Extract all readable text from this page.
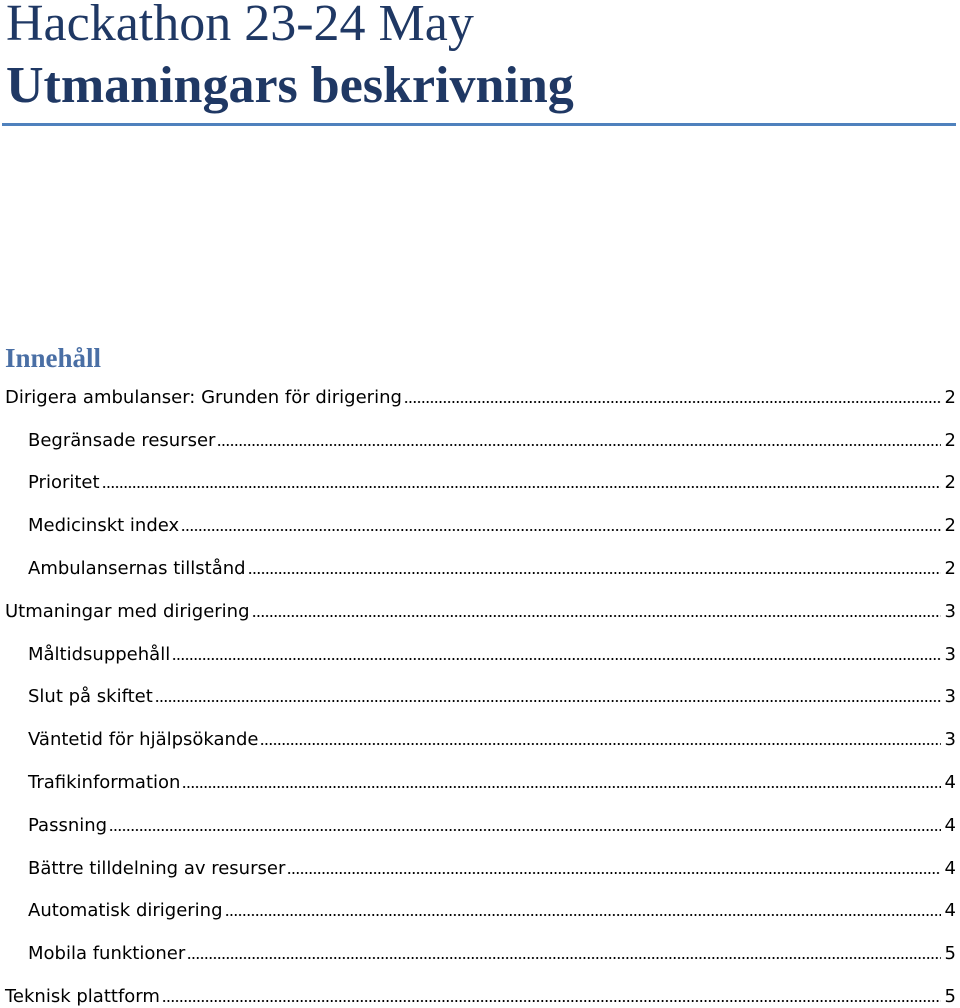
Hackathon 23-24 May
Utmaningars beskrivning
Innehåll
Dirigera ambulanser: Grunden för dirigering	2
Begränsade resurser	2
Prioritet	2
Medicinskt index	2
Ambulansernas tillstånd	2
Utmaningar med dirigering	3
Måltidsuppehåll	3
Slut på skiftet	3
Väntetid för hjälpsökande	3
Trafikinformation	4
Passning	4
Bättre tilldelning av resurser	4
Automatisk dirigering	4
Mobila funktioner	5
Teknisk plattform	5
